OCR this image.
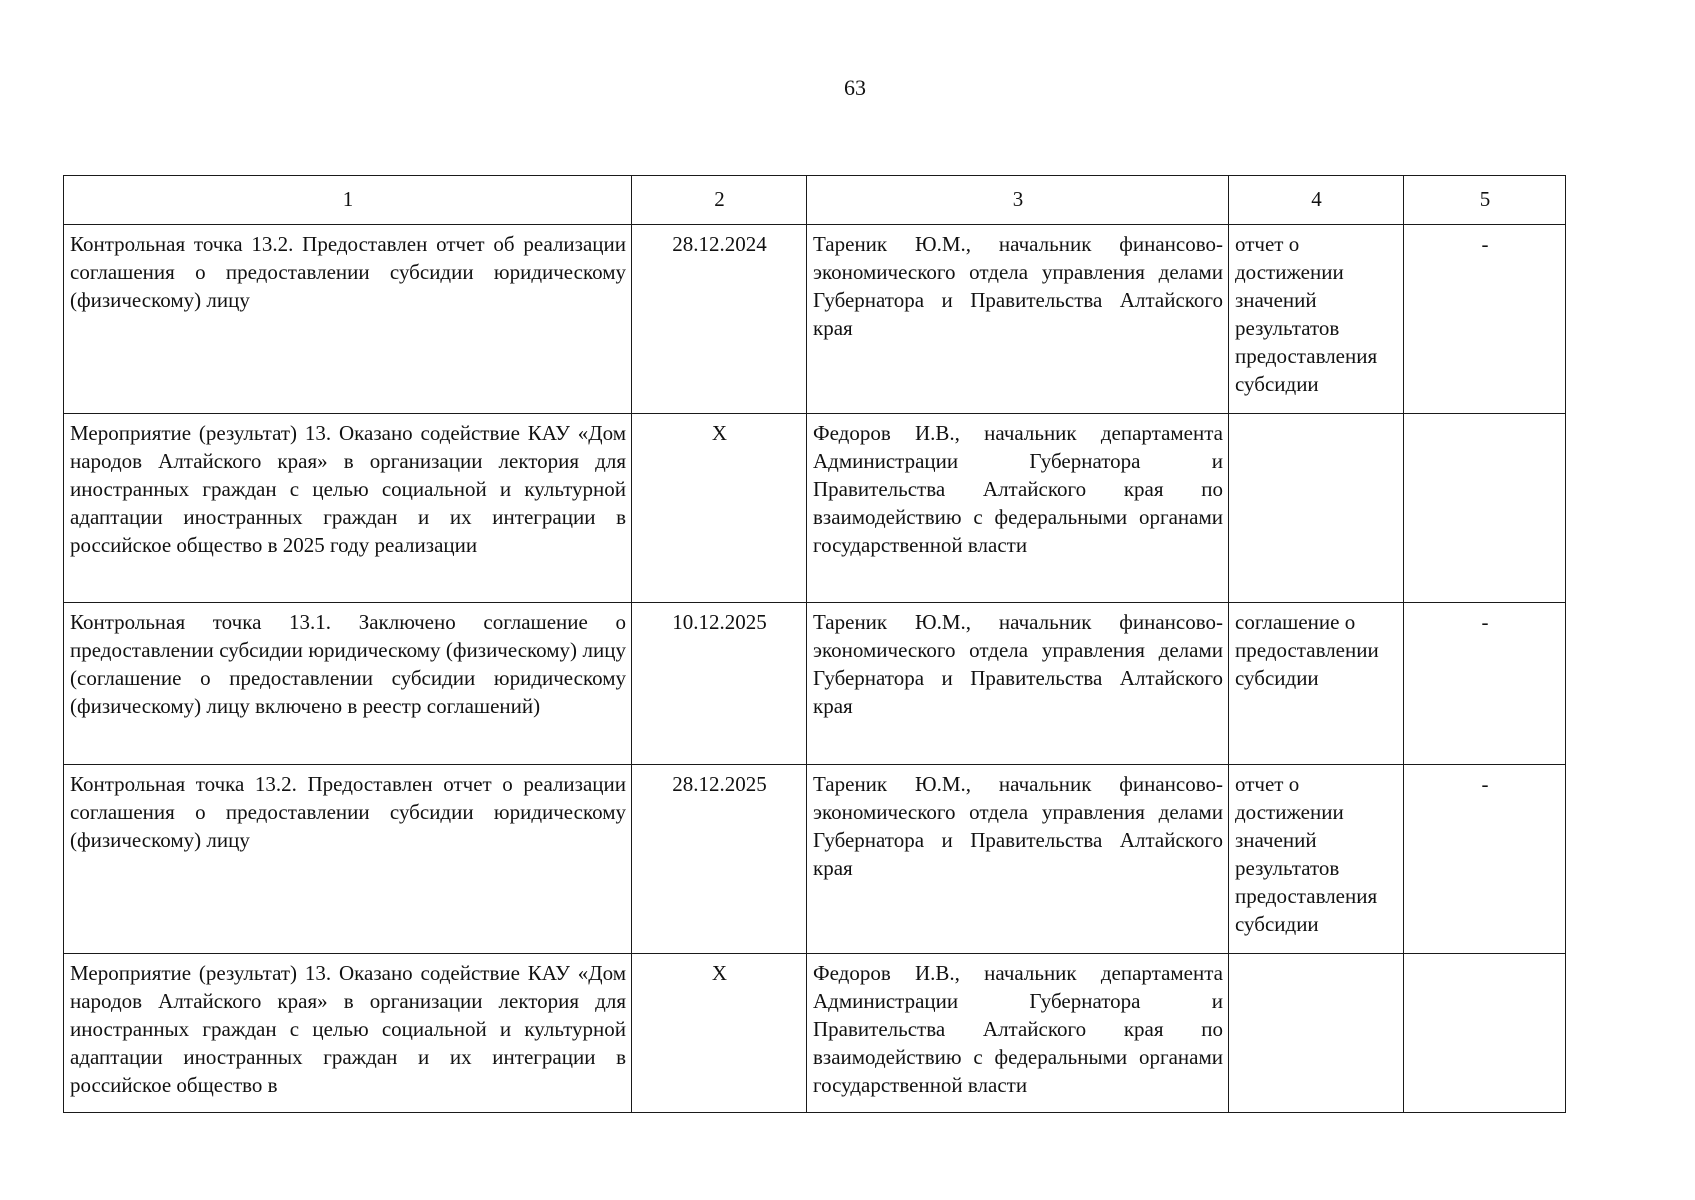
63
1	2	3	4	5
Контрольная точка 13.2. Предоставлен отчет об реализации соглашения о предоставлении субсидии юридическому (физическому) лицу	28.12.2024	Тареник Ю.М., начальник финансово-экономического отдела управления делами Губернатора и Правительства Алтайского края	отчет о достижении значений результатов предоставления субсидии	-
Мероприятие (результат) 13. Оказано содействие КАУ «Дом народов Алтайского края» в организации лектория для иностранных граждан с целью социальной и культурной адаптации иностранных граждан и их интеграции в российское общество в 2025 году реализации	Х	Федоров И.В., начальник департамента Администрации Губернатора и Правительства Алтайского края по взаимодействию с федеральными органами государственной власти		
Контрольная точка 13.1. Заключено соглашение о предоставлении субсидии юридическому (физическому) лицу (соглашение о предоставлении субсидии юридическому (физическому) лицу включено в реестр соглашений)	10.12.2025	Тареник Ю.М., начальник финансово-экономического отдела управления делами Губернатора и Правительства Алтайского края	соглашение о предоставлении субсидии	-
Контрольная точка 13.2. Предоставлен отчет о реализации соглашения о предоставлении субсидии юридическому (физическому) лицу	28.12.2025	Тареник Ю.М., начальник финансово-экономического отдела управления делами Губернатора и Правительства Алтайского края	отчет о достижении значений результатов предоставления субсидии	-
Мероприятие (результат) 13. Оказано содействие КАУ «Дом народов Алтайского края» в организации лектория для иностранных граждан с целью социальной и культурной адаптации иностранных граждан и их интеграции в российское общество в	Х	Федоров И.В., начальник департамента Администрации Губернатора и Правительства Алтайского края по взаимодействию с федеральными органами государственной власти		
